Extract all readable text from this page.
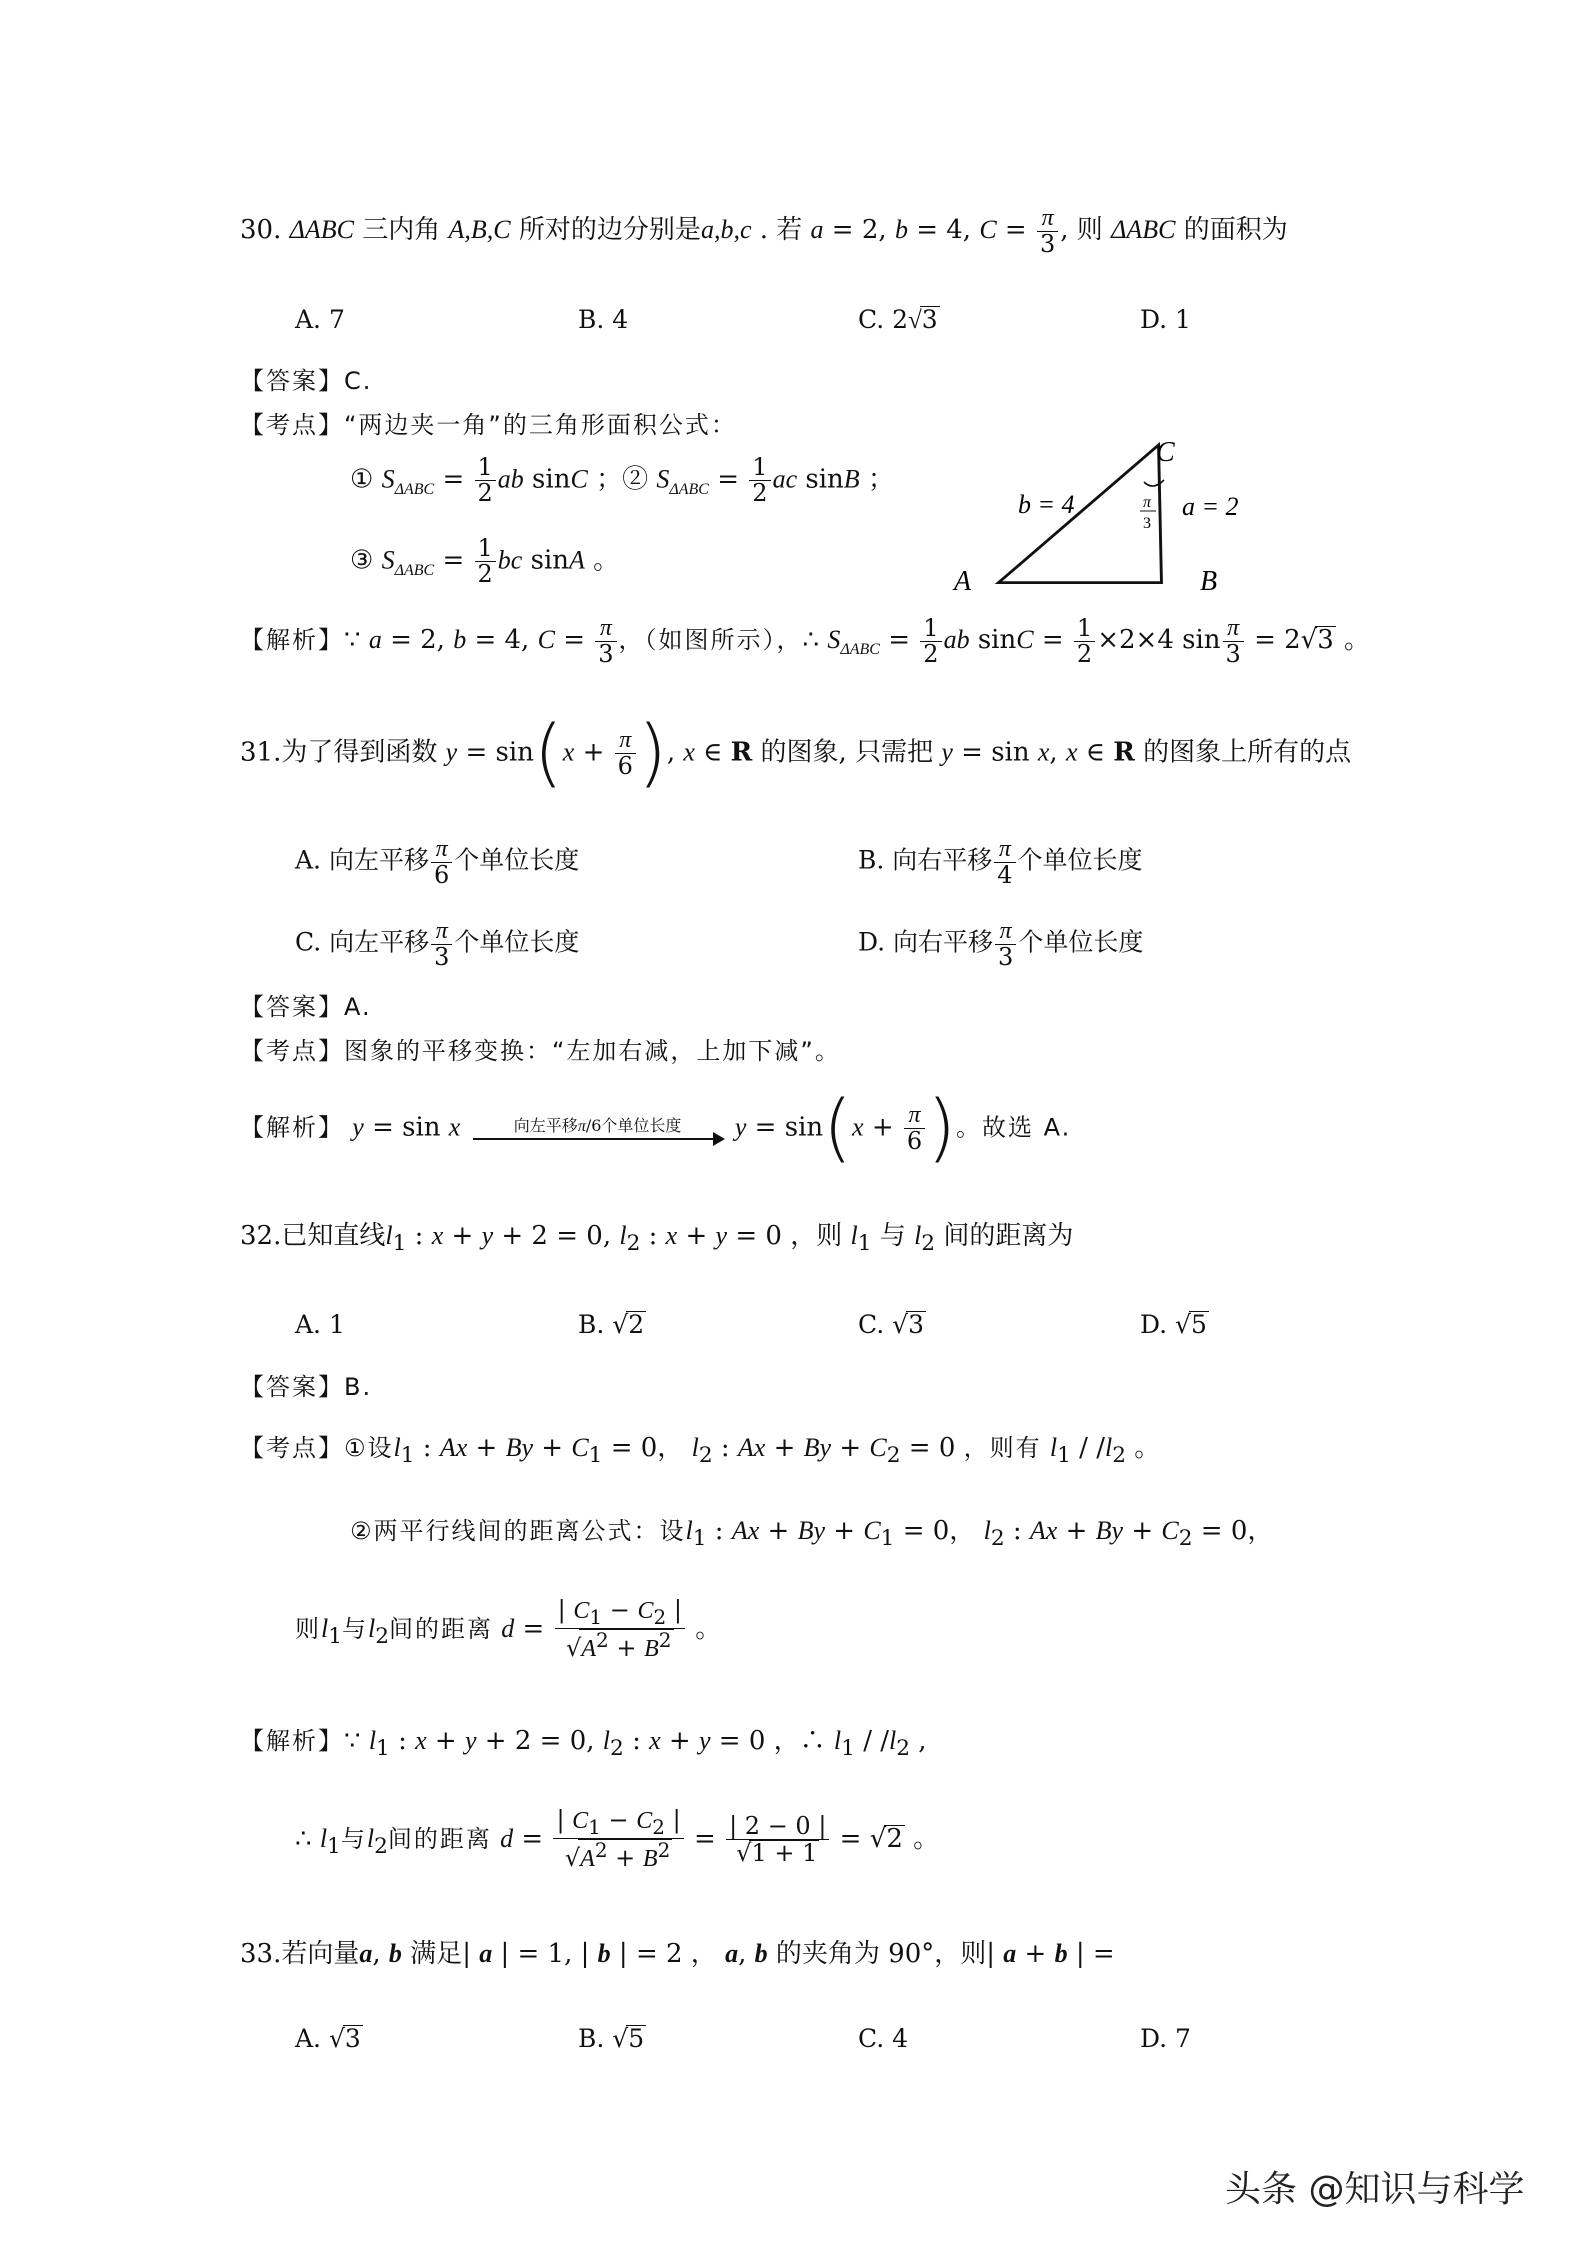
30. ΔABC 三内角 A,B,C 所对的边分别是a,b,c . 若 a = 2, b = 4, $C = \frac{\pi}{3}$ , 则 ΔABC 的面积为
A. 7	B. 4	C. 2√3	D. 1
【答案】C.
【考点】“两边夹一角”的三角形面积公式：
① $S_{\Delta ABC} = \frac{1}{2}$ ab sinC ；② $S_{\Delta ABC} = \frac{1}{2}$ ac sinB ；
③ $S_{\Delta ABC} = \frac{1}{2}$ bc sinA 。
C
A	B
b = 4	a = 2
π
3
【解析】∵ a = 2, b = 4, $C = \frac{\pi}{3}$ ，（如图所示），∴ $S_{\Delta ABC} = \frac{1}{2}$ ab $\sin C = \frac{1}{2} \times 2\times 4$ $\sin \frac{\pi}{3} = 2√3$ 。
31.为了得到函数 $y = \sin(x + \frac{\pi}{6}$ ), x ∈ R 的图象, 只需把 y = sin x, x ∈ R 的图象上所有的点
A. 向左平移 $\frac{\pi}{6}$ 个单位长度	B. 向右平移 $\frac{\pi}{4}$ 个单位长度
C. 向左平移 $\frac{\pi}{3}$ 个单位长度	D. 向右平移 $\frac{\pi}{3}$ 个单位长度
【答案】A.
【考点】图象的平移变换：“左加右减，上加下减”。
【解析】 y = sin x	向左平移π/6个单位长度	$y = \sin(x + \frac{\pi}{6}$ )。故选 A.
32.已知直线$l_1$ : x + y + 2 = 0, $l_2$ : x + y = 0 ，则 $l_1$ 与 $l_2$ 间的距离为
A. 1	B. √2	C. √3	D. √5
【答案】B.
【考点】①设$l_1$ : $Ax + By + C_1 = 0$， $l_2$ : $Ax + By + C_2 = 0$ ，则有 $l_1 / /l_2$ 。
②两平行线间的距离公式：设$l_1$ : $Ax + By + C_1 = 0$， $l_2$ : $Ax + By + C_2 = 0$，
则$l_1$与$l_2$间的距离 $d = \frac{| C_1 - C_2 |}{√A^2 + B^2}$ 。
【解析】∵ $l_1$ : x + y + 2 = 0, $l_2$ : x + y = 0 ，∴ $l_1 / /l_2$ ,
∴ $l_1$与$l_2$间的距离 $d = \frac{| C_1 - C_2 |}{√A^2 + B^2} = \frac{| 2 - 0 |}{√1 + 1} = √2$ 。
33.若向量a, b 满足| a | = 1, | b | = 2 ， a, b 的夹角为 90°，则| a + b | =
A. √3	B. √5	C. 4	D. 7
头条 @知识与科学
